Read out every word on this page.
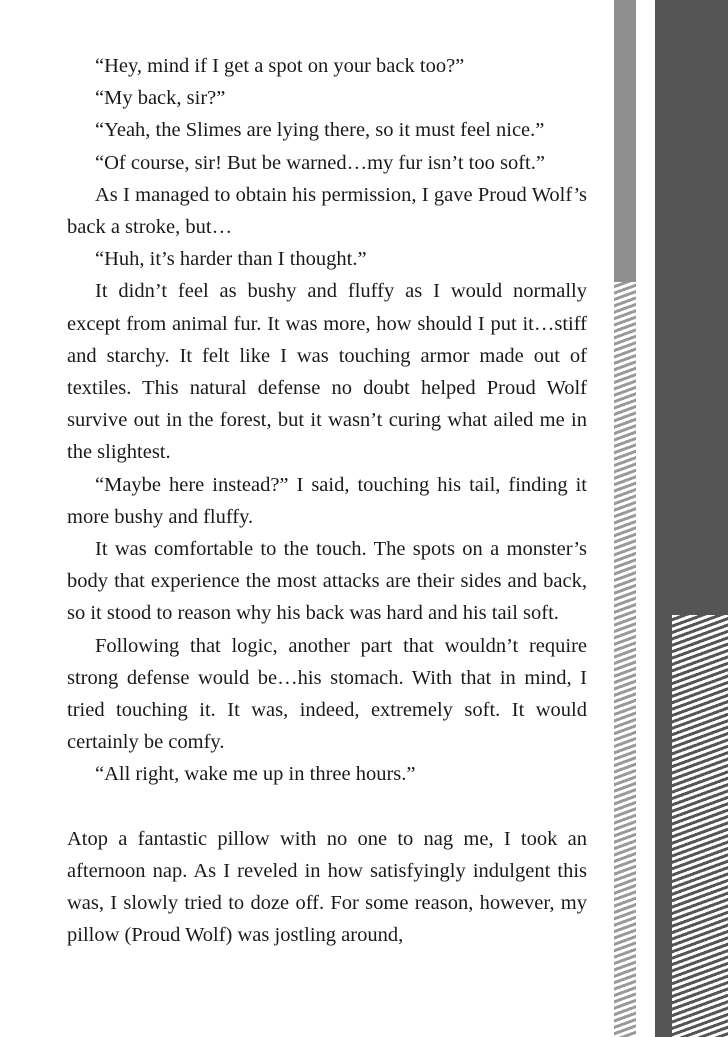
“Hey, mind if I get a spot on your back too?”

“My back, sir?”

“Yeah, the Slimes are lying there, so it must feel nice.”

“Of course, sir! But be warned…my fur isn’t too soft.”

As I managed to obtain his permission, I gave Proud Wolf’s back a stroke, but…

“Huh, it’s harder than I thought.”

It didn’t feel as bushy and fluffy as I would normally except from animal fur. It was more, how should I put it…stiff and starchy. It felt like I was touching armor made out of textiles. This natural defense no doubt helped Proud Wolf survive out in the forest, but it wasn’t curing what ailed me in the slightest.

“Maybe here instead?” I said, touching his tail, finding it more bushy and fluffy.

It was comfortable to the touch. The spots on a monster’s body that experience the most attacks are their sides and back, so it stood to reason why his back was hard and his tail soft.

Following that logic, another part that wouldn’t require strong defense would be…his stomach. With that in mind, I tried touching it. It was, indeed, extremely soft. It would certainly be comfy.

“All right, wake me up in three hours.”

Atop a fantastic pillow with no one to nag me, I took an afternoon nap. As I reveled in how satisfyingly indulgent this was, I slowly tried to doze off. For some reason, however, my pillow (Proud Wolf) was jostling around,
